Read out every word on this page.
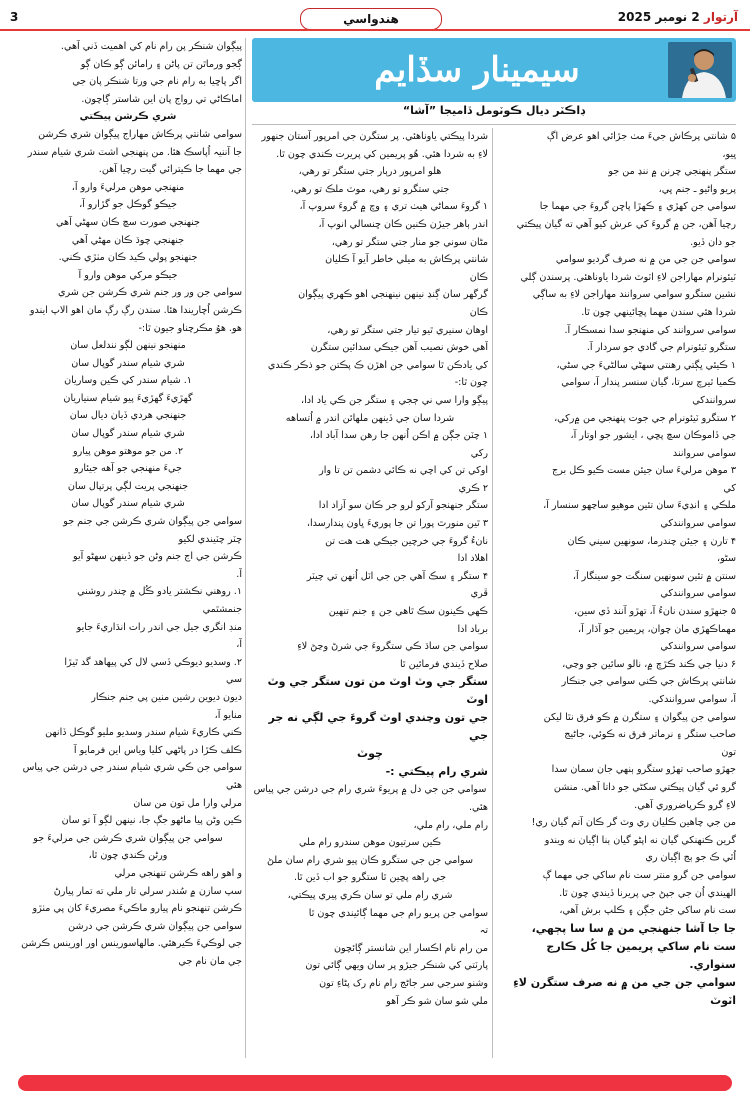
3	هندواسي	آرتوار 2 نومبر 2025
سيمينار سڏايم
ڊاڪٽر ديال ڪوٽومل ڏاميجا ”آشا“

۵ شانتي پرڪاش جيءَ مٺ جڙائي اهو عرض اڳ

ڀيو،

ستگر پنهنجي چرنن ۾ ننڍ من جو

پريو واڻيو ـ جنم ڀي،

سوامي جن کهڙي ۽ ڪهڙا پاڇن گروءَ جي مهما جا

رچيا آهن، جن ۾ گروءَ کي عرش کيو آهي ته گيان پيڪتي

جو دان ڏيو.

سوامي جن جي من ۾ نه صرف گرديو سوامي

ٽيئونرام مهاراجن لاءِ اٽوٽ شردا ياوناهئي. پرسندن ڳلي

نشين ستگرو سوامي سروانند مهاراجن لاءِ به ساڳي

شردا هئي سندن مهما پڇائينهي چون ٿا.

سوامي سروانند کي منهنجو سدا نمسڪار آ.

ستگرو ٽيئونرام جي گادي جو سردار آ.

۱ ڪيئي ڀڳتي رهنتي سهڻي سالڻيءَ جي سڻي،

ڪميا ٿيرچ سرتا، گيان سنسر پندار آ، سوامي

سروانندکي

۲ ستگرو ٽيئونرام جي جوت پنهنجي من ۾رکي،

جي ڏاموڪان سچ پڇي ، ايشور جو اوتار آ،

سوامي سروانند

۳ موهن مرليءَ سان جيئن مست ڪيو ڪل برج

کي

ملڪي ۽ انڍيءَ سان تئين موهيو ساڃهو سنسار آ،

سوامي سروانندکي

۴ تارن ۽ جيئن چندرما، سونهين سيني ڪان

سڻو،

سنتن ۾ تئين سونهين سنگت جو سينگار آ،

سوامي سروانندکي

۵ جنهڙو سندن نانءُ آ، تهڙو آنند ڏي سين،

مهماڪهڙي مان چوان، پريمين جو آڌار آ،

سوامي سروانندکي

۶ دنيا جي ڪند ڪڙڇ ۾، نالو سائين جو وڃي،

شانتي پرڪاش جي ڪني سوامي جي جنڪار

آ، سوامي سروانندکي.

سوامي جن پيگوان ۽ ستگرن ۾ ڪو فرق نٿا ليکن

صاحب ستگر ۽ نرماتر فرق نه ڪوئي، جاڻيج

تون

جهڙو صاحب تهڙو ستگرو ٻنهي جان سمان سدا

گرو ئي گيان پيڪتي سکڻي جو داتا آهي. منشن

لاءِ گرو ڪرپاضروري آهي.

من جي چاهين ڪليان ري وٽ گر ڪان آتم گيان ري!

گرين ڪنهنکي گيان نه اپڻو گيان ٻنا اڳيان نه ويندو

اُٿي ڪ جو ٻج اڳيان ري

سوامي جن گرو منتر ست نام ساکي جي مهما ڳ

الهيندي اُن جي جپڻ جي پريرنا ڏيندي چون ٿا.

ست نام ساکي جڻن جڳن ۽ ڪلپ برش آهي،

جا جا آشا جنهنجي من ۾ سا سا پڄهي،

ست نام ساکي پريمين جا کُل ڪارج سنواري.

سوامي جن جي من ۾ نه صرف ستگرن لاءِ اٽوٽ

شردا پيڪتي ياوناهئي. پر ستگرن جي امرپور آستان جنهور

لاءِ به شردا هئي. هُو پريمين کي پريرت ڪندي چون ٿا.

هلو امرپور درٻار جتي ستگر تو رهي،

جتي ستگرو تو رهي، موٽ ملڪ تو رهي،

۱ گروءَ سماڻي هيٺ تري ۽ وچ ۾ گروءَ سروپ آ،

اندر ٻاهر جيڙن ڪنين ڪان ڇنسالي انوپ آ،

مڻان سوني جو منار جتي ستگر تو رهي،

شانتي پرڪاش به ميلي خاطر آيو آ ڪليان

ڪان

گرگهر سان ڳنڍ نينهن نينهنجي اهو ڪهري پيڳوان

ڪان

اوهان سنيري ٿيو تيار جتي ستگر تو رهي،

آهي خوش نصيب آهن جيڪي سدائين ستگرن

کي يادڪن ٿا سوامي جن اهڙن ڪ پڪتن جو ذڪر ڪندي

چون ٿا:-

پيڳو وارا سي ني ڄجي ۽ ستگر جن ڪي ياد ادا،

شردا سان جي ڏينهن ملهائن اندر ۾ اُتساهه

۱ چٽن جڳن ۾ اڪن اُنهن جا رهن سدا آباد ادا،

رکي

اوکي تن کي اچي نه ڪائي دشمن تن تا وار

۲ ڪري

ستگر جنهنجو آرکو لرو جر ڪان سو آزاد ادا

۳ ٿين منورٿ پورا تن جا پوريءَ ڀاون پندارسدا،

نانءُ گروءَ جي خرچين جيڪي هت هت تن

اهلاد ادا

۴ ستگر ۽ سڪ آهي جن جي اٽل اُنهن تي چيٽر

ڦري

ڪهي ڪينون سڪ ٿاهي جن ۽ جنم تنهين

برباد ادا

سوامي جن ساڌ ڪي ستگروءَ جي شرڻ وڃڻ لاءِ

صلاح ڏيندي فرمائين ٿا

ستگر جي وٽ اوٽ من تون ستگر جي وٽ اوٽ

جي تون وڃندي اوٽ گروءَ جي لڳي نه جر جي

چوٽ

شري رام پيڪتي :-

سوامي جن جي دل ۾ پريوءَ شري رام جي درشن جي پياس

هئي.

رام ملي، رام ملي،

ڪين سرتيون موهن سندرو رام ملي

سوامي جن جي ستگرو ڪان پيو شري رام سان ملڻ

جي راهه پڇين ٿا ستگرو جو اب ڏين ٿا.

شري رام ملي تو سان ڪري پيري پيڪتي،

سوامي جن پريو رام جي مهما ڳائيندي چون ٿا

تہ

من رام نام اڪسار اين شانستر ڳائچون

پارٽتي کي شنڪر جيڙو پر سان ويهي ڳائي تون

وشنو سرجي سر جاڻج رام نام رک پڻاءِ تون

ملي شو سان شو ڪر آهو

پيڳوان شنڪر پن رام نام کي اهميت ڏني آهي.

ڳجو ورماٿن تن پاڻن ۽ رامائن ڳو ڪان ڳو

اگر پاڇيا به رام نام جي ورتا شنڪر پان جي

اماڪاڻي تي رواج پان اين شاستر ڳاچون.

شري ڪرشن پيڪتي

سوامي شانتي پرڪاش مهاراج پيڳوان شري ڪرشن

جا آننيہ اُپاسڪ هئا. من پنهنجي اشٽ شري شيام سندر

جي مهما جا ڪيترائي گيت رچيا آهن.

منهنجي موهن مرليءَ وارو آ،

جيڪو گوڪل جو گڙارو آ،

جنهنجي صورت سچ ڪان سهڻي آهي

جنهنجي چوڌ ڪان مهڻي آهي

جنهنجو پولي ڪيد ڪان مٺڙي ڪني.

جيڪو مرکي موهن وارو آ

سوامي جن ور ور جنم شري ڪرشن جن شري

ڪرشن اُچاريندا هئا. سندن رڳ رڳ مان اهو الاپ ايندو

هو. هوُ مڪرچناو جيون ٿا:-

منهنجو نينهن لڳو نندلعل سان

شري شيام سندر گوپال سان

۱. شيام سندر کي ڪين وساريان

گهڙيءَ گهڙيءَ پيو شيام سنياريان

جنهنجي هردي ڏيان ديال سان

شري شيام سندر گوپال سان

۲. من جو موهتو موهن پيارو

جيءَ منهنجي جو آهه جيئارو

جنهنجي پريت لڳي پرتپال سان

شري شيام سندر گوپال سان

سوامي جن پيڳوان شري ڪرشن جي جنم جو

چٽر چٽيندي لکيو

ڪرشن جي اج جنم وڻن جو ڏينهن سهڻو آيو

آ.

۱. روهني نڪشتر يادو ڪُل ۾ چندر روشني

جنمشٿمي

منڊ انگري جيل جي اندر رات انڌاريءَ جايو

آ،

۲. وسديو ديوڪي ڏسي لال کي پيهاهد گد ٿيڙا

سي

ديون ديوين رشين منين پي جنم جنڪار

منايو آ،

ڪني ڪاريءَ شيام سندر وسديو مليو گوڪل ڏانهن

ڪلف ڪڙا در پاڻهي کليا وياس اين فرمايو آ

سوامي جن ڪي شري شيام سندر جي درشن جي پياس

هئي

مرلي وارا مل تون من سان

ڪين وڻن پيا ماڻهو جڳ جا، نينهن لڳو آ تو سان

سوامي جن پيڳوان شري ڪرشن جي مرليءَ جو

ورڻن ڪندي چون ٿا،

و اهو راهه ڪرشن تنهنجي مرلي

سپ سازن ۾ سُندر سرلي تار ملي ته تمار پيارڻ

ڪرشن تنهنجو نام پيارو ماڪيءَ مصريءَ کان پي مٺڙو

سوامي جن پيڳوان شري ڪرشن جي درشن

جي لوڪيءَ ڪيرهئي. مالهاسورينس اور اورينس ڪرشن

جي مان نام جي
